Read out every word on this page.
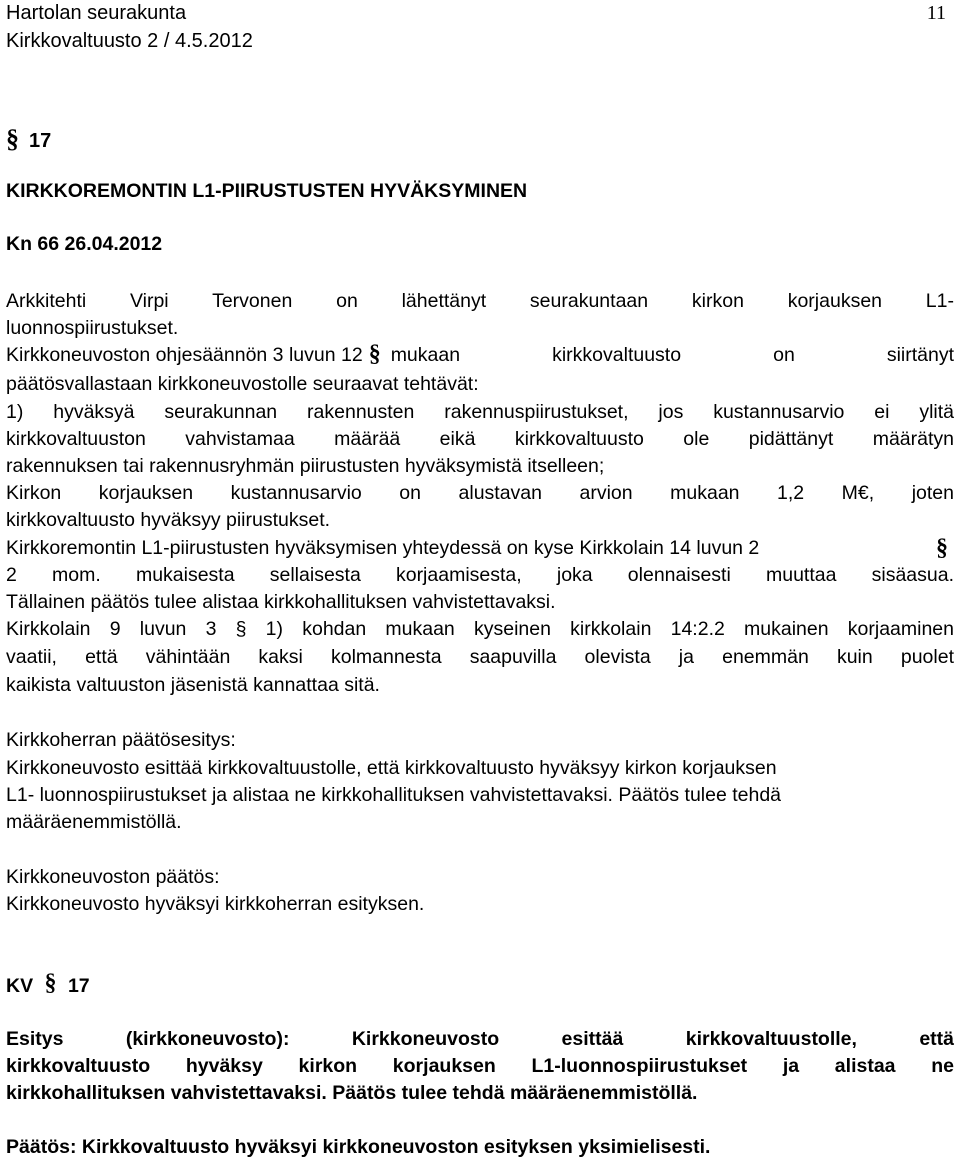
Hartolan seurakunta
Kirkkovaltuusto 2 / 4.5.2012
11
§ 17
KIRKKOREMONTIN L1-PIIRUSTUSTEN HYVÄKSYMINEN
Kn 66 26.04.2012
Arkkitehti Virpi Tervonen on lähettänyt seurakuntaan kirkon korjauksen L1-
luonnospiirustukset.
Kirkkoneuvoston ohjesäännön 3 luvun 12 § mukaan kirkkovaltuusto on siirtänyt
päätösvallastaan kirkkoneuvostolle seuraavat tehtävät:
1) hyväksyä seurakunnan rakennusten rakennuspiirustukset, jos kustannusarvio ei ylitä
kirkkovaltuuston vahvistamaa määrää eikä kirkkovaltuusto ole pidättänyt määrätyn
rakennuksen tai rakennusryhmän piirustusten hyväksymistä itselleen;
Kirkon korjauksen kustannusarvio on alustavan arvion mukaan 1,2 M€, joten
kirkkovaltuusto hyväksyy piirustukset.
Kirkkoremontin L1-piirustusten hyväksymisen yhteydessä on kyse Kirkkolain 14 luvun 2	§
2 mom. mukaisesta sellaisesta korjaamisesta, joka olennaisesti muuttaa sisäasua.
Tällainen päätös tulee alistaa kirkkohallituksen vahvistettavaksi.
Kirkkolain 9 luvun 3 § 1) kohdan mukaan kyseinen kirkkolain 14:2.2 mukainen korjaaminen
vaatii, että vähintään kaksi kolmannesta saapuvilla olevista ja enemmän kuin puolet
kaikista valtuuston jäsenistä kannattaa sitä.
Kirkkoherran päätösesitys:
Kirkkoneuvosto esittää kirkkovaltuustolle, että kirkkovaltuusto hyväksyy kirkon korjauksen
L1- luonnospiirustukset ja alistaa ne kirkkohallituksen vahvistettavaksi. Päätös tulee tehdä
määräenemmistöllä.
Kirkkoneuvoston päätös:
Kirkkoneuvosto hyväksyi kirkkoherran esityksen.
KV § 17
Esitys (kirkkoneuvosto): Kirkkoneuvosto esittää kirkkovaltuustolle, että
kirkkovaltuusto hyväksy kirkon korjauksen L1-luonnospiirustukset ja alistaa ne
kirkkohallituksen vahvistettavaksi. Päätös tulee tehdä määräenemmistöllä.
Päätös: Kirkkovaltuusto hyväksyi kirkkoneuvoston esityksen yksimielisesti.
